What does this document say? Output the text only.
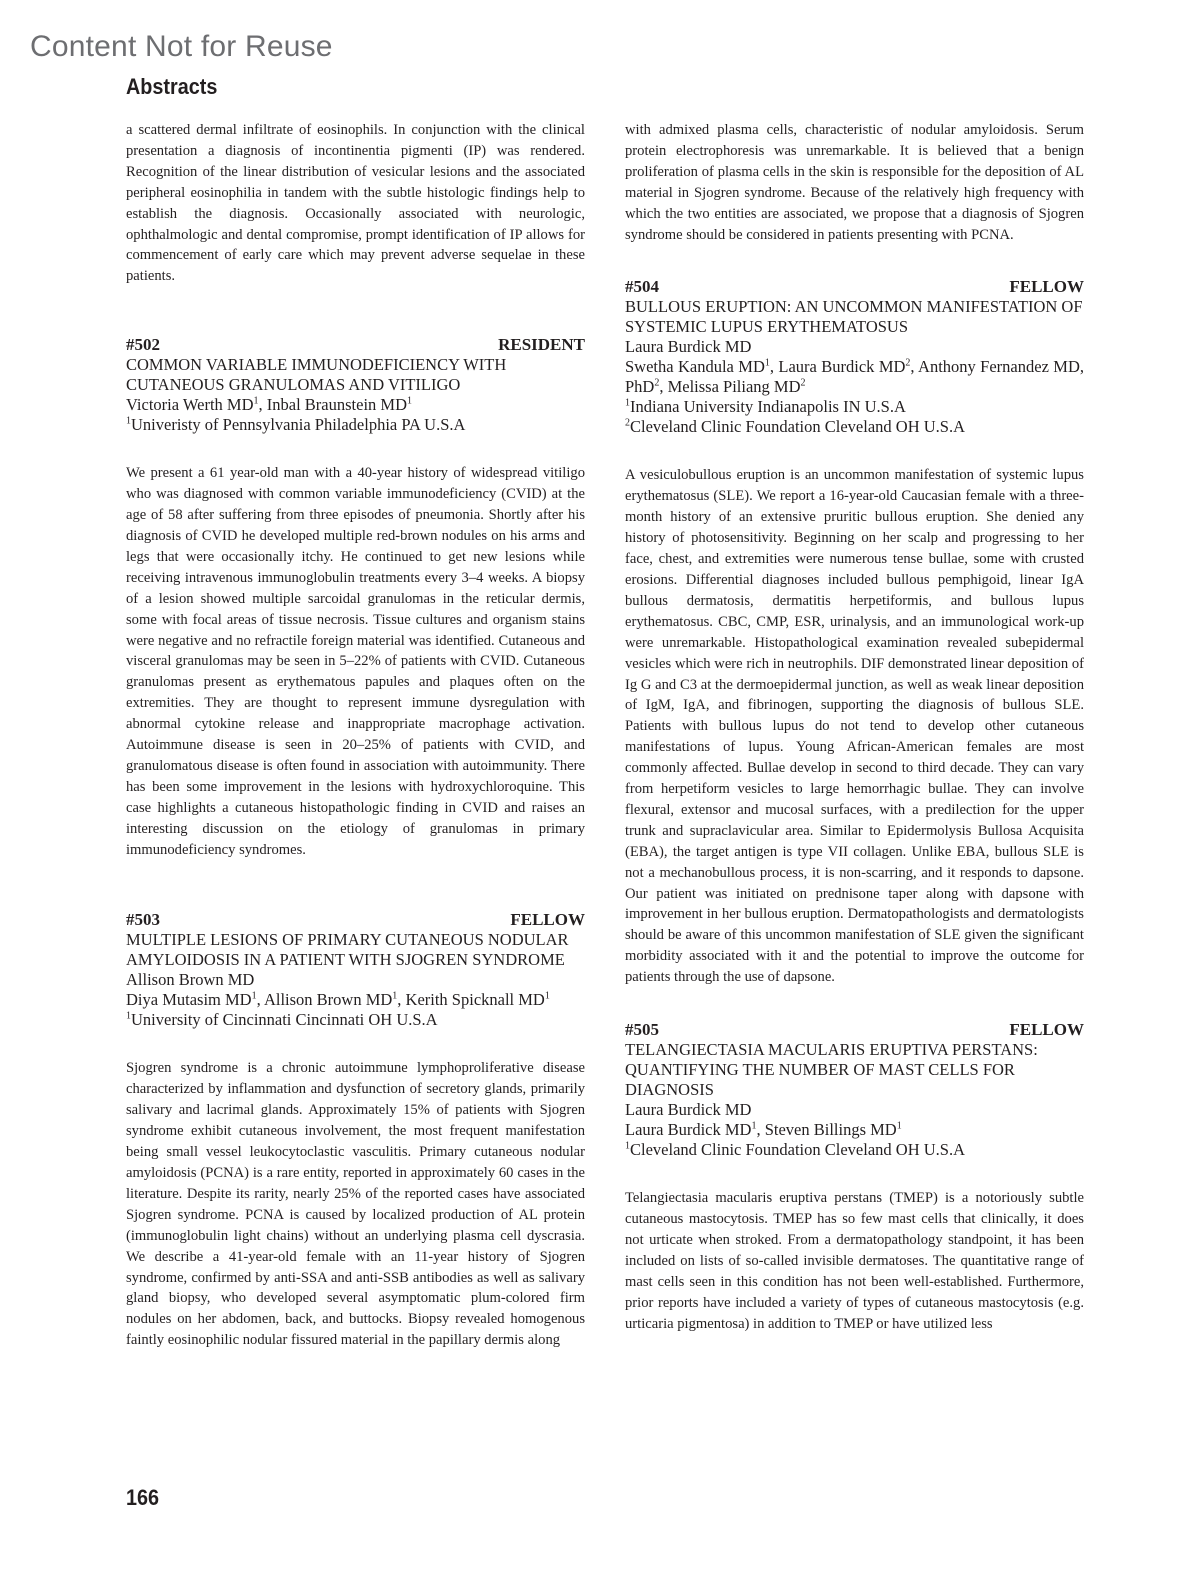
Content Not for Reuse
Abstracts

a scattered dermal infiltrate of eosinophils. In conjunction with the clinical presentation a diagnosis of incontinentia pigmenti (IP) was rendered. Recognition of the linear distribution of vesicular lesions and the associated peripheral eosinophilia in tandem with the subtle histologic findings help to establish the diagnosis. Occasionally associated with neurologic, ophthalmologic and dental compromise, prompt identification of IP allows for commencement of early care which may prevent adverse sequelae in these patients.

#502	RESIDENT
COMMON VARIABLE IMMUNODEFICIENCY WITH CUTANEOUS GRANULOMAS AND VITILIGO
Victoria Werth $MD^1$, Inbal Braunstein $MD^1$
$^1$Univeristy of Pennsylvania Philadelphia PA U.S.A

We present a 61 year-old man with a 40-year history of widespread vitiligo who was diagnosed with common variable immunodeficiency (CVID) at the age of 58 after suffering from three episodes of pneumonia. Shortly after his diagnosis of CVID he developed multiple red-brown nodules on his arms and legs that were occasionally itchy. He continued to get new lesions while receiving intravenous immunoglobulin treatments every 3–4 weeks. A biopsy of a lesion showed multiple sarcoidal granulomas in the reticular dermis, some with focal areas of tissue necrosis. Tissue cultures and organism stains were negative and no refractile foreign material was identified. Cutaneous and visceral granulomas may be seen in 5–22% of patients with CVID. Cutaneous granulomas present as erythematous papules and plaques often on the extremities. They are thought to represent immune dysregulation with abnormal cytokine release and inappropriate macrophage activation. Autoimmune disease is seen in 20–25% of patients with CVID, and granulomatous disease is often found in association with autoimmunity. There has been some improvement in the lesions with hydroxychloroquine. This case highlights a cutaneous histopathologic finding in CVID and raises an interesting discussion on the etiology of granulomas in primary immunodeficiency syndromes.

#503	FELLOW
MULTIPLE LESIONS OF PRIMARY CUTANEOUS NODULAR AMYLOIDOSIS IN A PATIENT WITH SJOGREN SYNDROME
Allison Brown MD
Diya Mutasim $MD^1$, Allison Brown $MD^1$, Kerith Spicknall $MD^1$
$^1$University of Cincinnati Cincinnati OH U.S.A

Sjogren syndrome is a chronic autoimmune lymphoproliferative disease characterized by inflammation and dysfunction of secretory glands, primarily salivary and lacrimal glands. Approximately 15% of patients with Sjogren syndrome exhibit cutaneous involvement, the most frequent manifestation being small vessel leukocytoclastic vasculitis. Primary cutaneous nodular amyloidosis (PCNA) is a rare entity, reported in approximately 60 cases in the literature. Despite its rarity, nearly 25% of the reported cases have associated Sjogren syndrome. PCNA is caused by localized production of AL protein (immunoglobulin light chains) without an underlying plasma cell dyscrasia. We describe a 41-year-old female with an 11-year history of Sjogren syndrome, confirmed by anti-SSA and anti-SSB antibodies as well as salivary gland biopsy, who developed several asymptomatic plum-colored firm nodules on her abdomen, back, and buttocks. Biopsy revealed homogenous faintly eosinophilic nodular fissured material in the papillary dermis along

with admixed plasma cells, characteristic of nodular amyloidosis. Serum protein electrophoresis was unremarkable. It is believed that a benign proliferation of plasma cells in the skin is responsible for the deposition of AL material in Sjogren syndrome. Because of the relatively high frequency with which the two entities are associated, we propose that a diagnosis of Sjogren syndrome should be considered in patients presenting with PCNA.

#504	FELLOW
BULLOUS ERUPTION: AN UNCOMMON MANIFESTATION OF SYSTEMIC LUPUS ERYTHEMATOSUS
Laura Burdick MD
Swetha Kandula $MD^1$, Laura Burdick $MD^2$, Anthony Fernandez MD, PhD$^2$, Melissa Piliang $MD^2$
$^1$Indiana University Indianapolis IN U.S.A
$^2$Cleveland Clinic Foundation Cleveland OH U.S.A

A vesiculobullous eruption is an uncommon manifestation of systemic lupus erythematosus (SLE). We report a 16-year-old Caucasian female with a three-month history of an extensive pruritic bullous eruption. She denied any history of photosensitivity. Beginning on her scalp and progressing to her face, chest, and extremities were numerous tense bullae, some with crusted erosions. Differential diagnoses included bullous pemphigoid, linear IgA bullous dermatosis, dermatitis herpetiformis, and bullous lupus erythematosus. CBC, CMP, ESR, urinalysis, and an immunological work-up were unremarkable. Histopathological examination revealed subepidermal vesicles which were rich in neutrophils. DIF demonstrated linear deposition of Ig G and C3 at the dermoepidermal junction, as well as weak linear deposition of IgM, IgA, and fibrinogen, supporting the diagnosis of bullous SLE. Patients with bullous lupus do not tend to develop other cutaneous manifestations of lupus. Young African-American females are most commonly affected. Bullae develop in second to third decade. They can vary from herpetiform vesicles to large hemorrhagic bullae. They can involve flexural, extensor and mucosal surfaces, with a predilection for the upper trunk and supraclavicular area. Similar to Epidermolysis Bullosa Acquisita (EBA), the target antigen is type VII collagen. Unlike EBA, bullous SLE is not a mechanobullous process, it is non-scarring, and it responds to dapsone. Our patient was initiated on prednisone taper along with dapsone with improvement in her bullous eruption. Dermatopathologists and dermatologists should be aware of this uncommon manifestation of SLE given the significant morbidity associated with it and the potential to improve the outcome for patients through the use of dapsone.

#505	FELLOW
TELANGIECTASIA MACULARIS ERUPTIVA PERSTANS: QUANTIFYING THE NUMBER OF MAST CELLS FOR DIAGNOSIS
Laura Burdick MD
Laura Burdick $MD^1$, Steven Billings $MD^1$
$^1$Cleveland Clinic Foundation Cleveland OH U.S.A

Telangiectasia macularis eruptiva perstans (TMEP) is a notoriously subtle cutaneous mastocytosis. TMEP has so few mast cells that clinically, it does not urticate when stroked. From a dermatopathology standpoint, it has been included on lists of so-called invisible dermatoses. The quantitative range of mast cells seen in this condition has not been well-established. Furthermore, prior reports have included a variety of types of cutaneous mastocytosis (e.g. urticaria pigmentosa) in addition to TMEP or have utilized less

166
